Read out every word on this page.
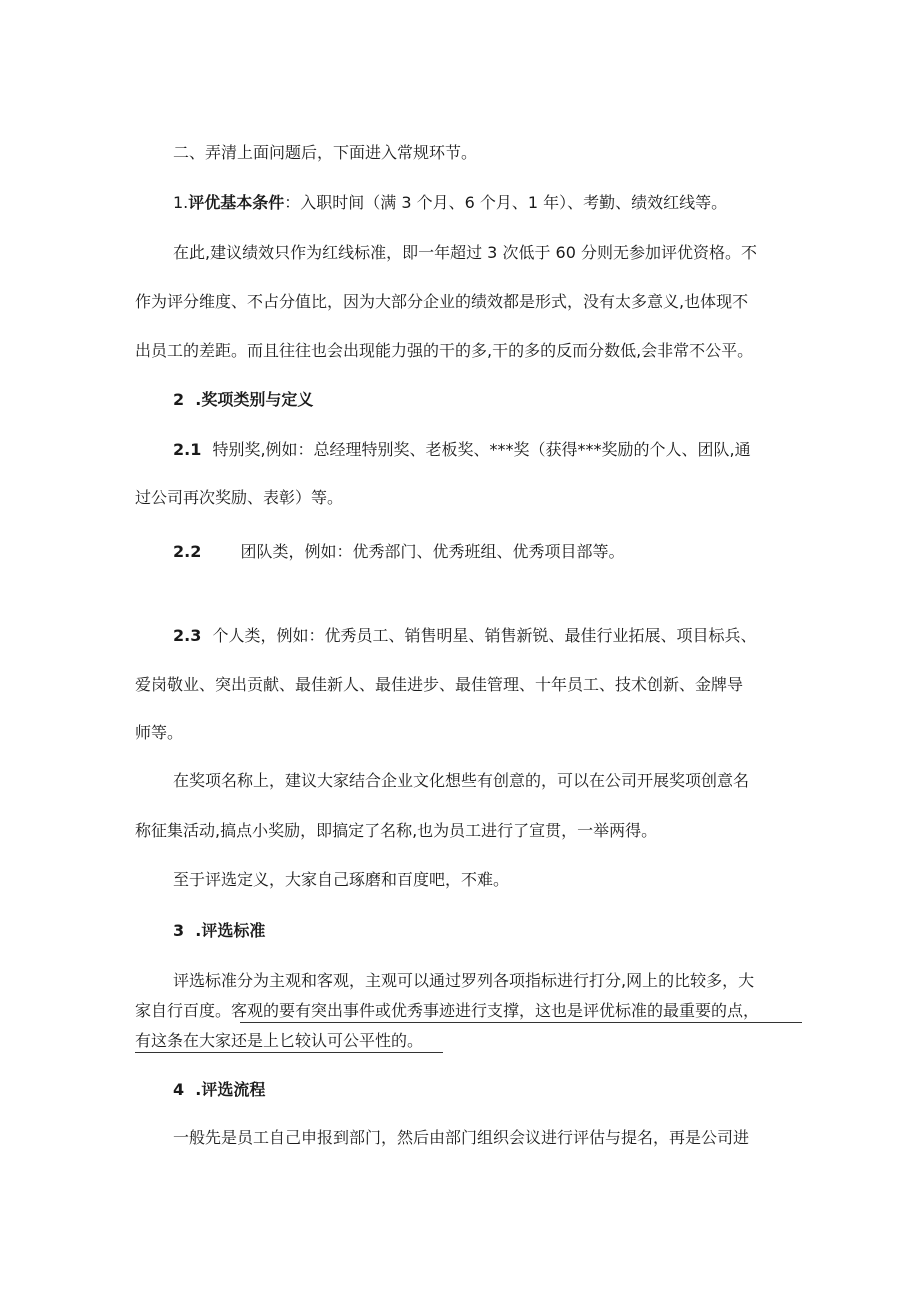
二、弄清上面问题后，下面进入常规环节。
1.评优基本条件：入职时间（满 3 个月、6 个月、1 年）、考勤、绩效红线等。
在此,建议绩效只作为红线标准，即一年超过 3 次低于 60 分则无参加评优资格。不
作为评分维度、不占分值比，因为大部分企业的绩效都是形式，没有太多意义,也体现不
出员工的差距。而且往往也会出现能力强的干的多,干的多的反而分数低,会非常不公平。
2  .奖项类别与定义
2.1 特别奖,例如：总经理特别奖、老板奖、***奖（获得***奖励的个人、团队,通
过公司再次奖励、表彰）等。
2.2 团队类，例如：优秀部门、优秀班组、优秀项目部等。
2.3 个人类，例如：优秀员工、销售明星、销售新锐、最佳行业拓展、项目标兵、
爱岗敬业、突出贡献、最佳新人、最佳进步、最佳管理、十年员工、技术创新、金牌导
师等。
在奖项名称上，建议大家结合企业文化想些有创意的，可以在公司开展奖项创意名
称征集活动,搞点小奖励，即搞定了名称,也为员工进行了宣贯，一举两得。
至于评选定义，大家自己琢磨和百度吧，不难。
3  .评选标准
评选标准分为主观和客观，主观可以通过罗列各项指标进行打分,网上的比较多，大
家自行百度。客观的要有突出事件或优秀事迹进行支撑，这也是评优标准的最重要的点，
有这条在大家还是上匕较认可公平性的。
4  .评选流程
一般先是员工自己申报到部门，然后由部门组织会议进行评估与提名，再是公司进
